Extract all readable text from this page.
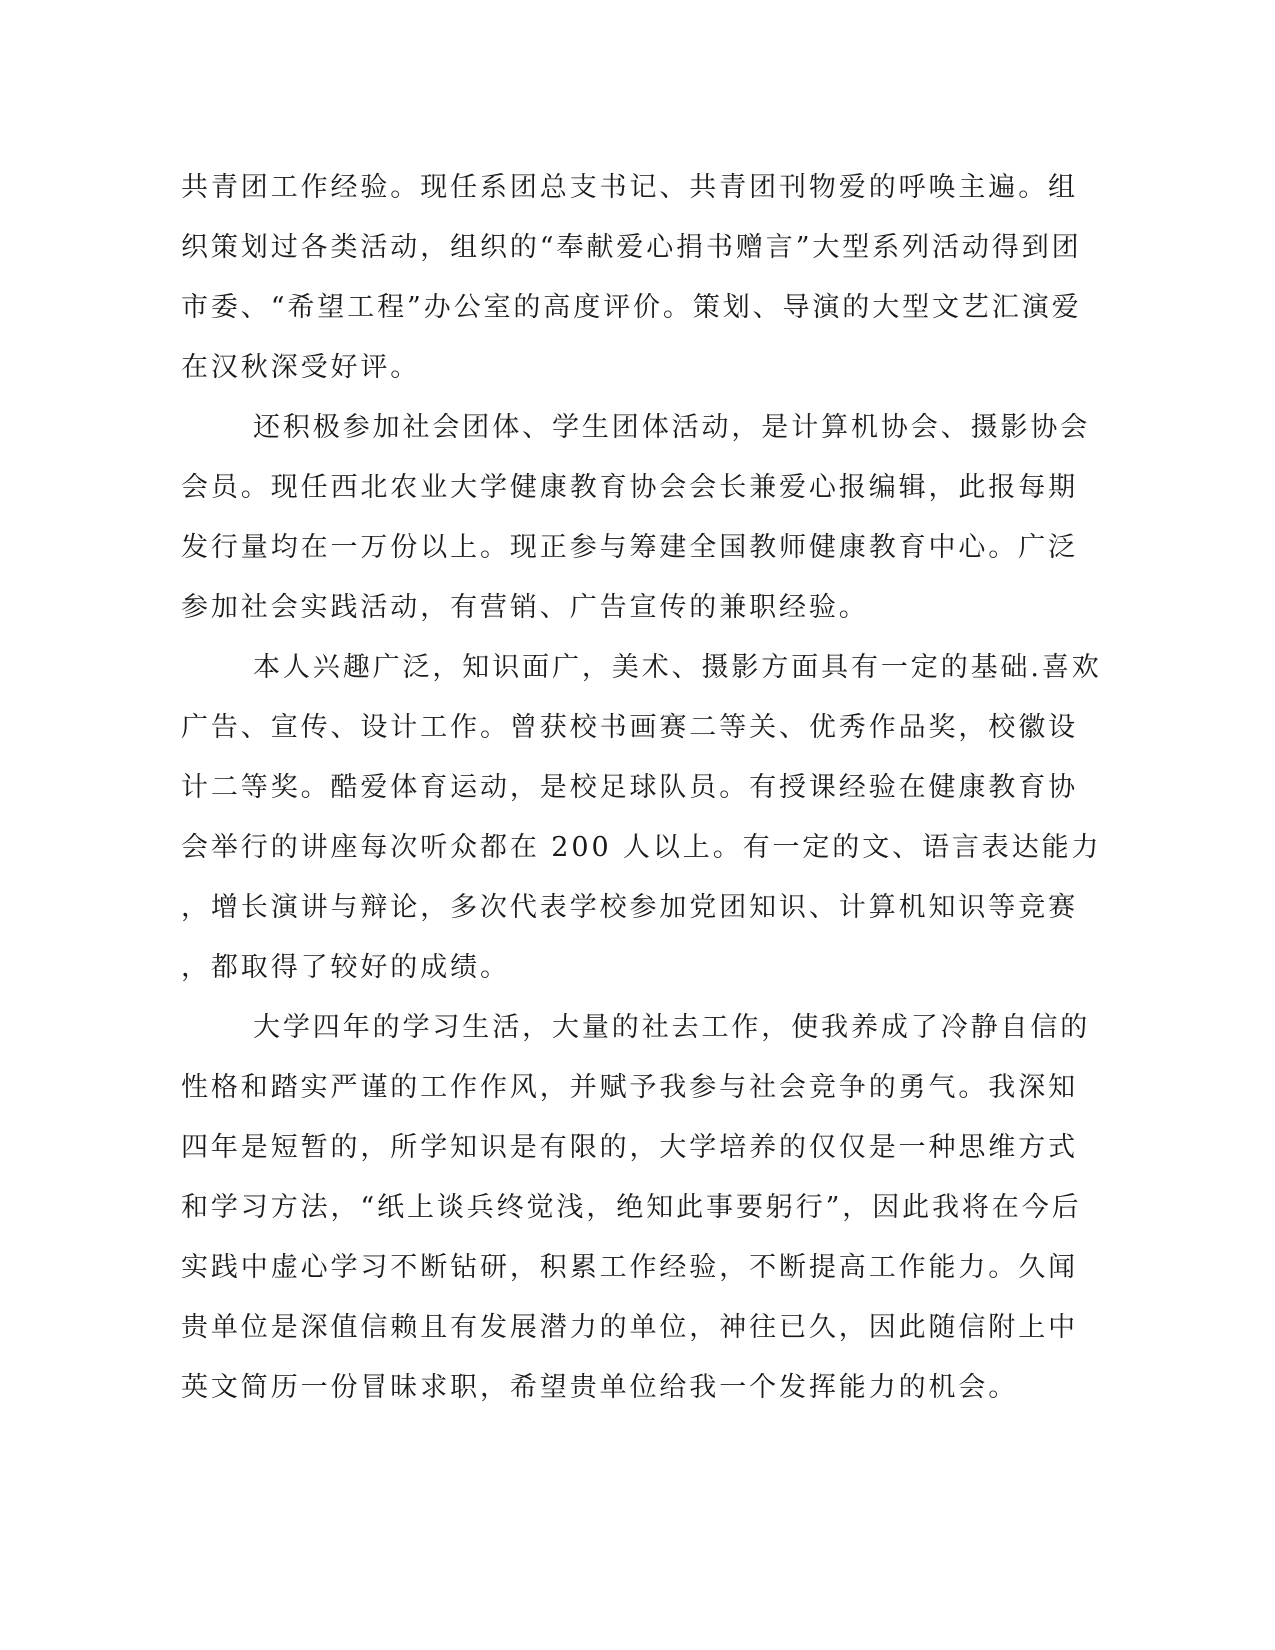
共青团工作经验。现任系团总支书记、共青团刊物爱的呼唤主遍。组
织策划过各类活动，组织的“奉献爱心捐书赠言”大型系列活动得到团
市委、“希望工程”办公室的高度评价。策划、导演的大型文艺汇演爱
在汉秋深受好评。
还积极参加社会团体、学生团体活动，是计算机协会、摄影协会
会员。现任西北农业大学健康教育协会会长兼爱心报编辑，此报每期
发行量均在一万份以上。现正参与筹建全国教师健康教育中心。广泛
参加社会实践活动，有营销、广告宣传的兼职经验。
本人兴趣广泛，知识面广，美术、摄影方面具有一定的基础.喜欢
广告、宣传、设计工作。曾获校书画赛二等关、优秀作品奖，校徽设
计二等奖。酷爱体育运动，是校足球队员。有授课经验在健康教育协
会举行的讲座每次听众都在 200 人以上。有一定的文、语言表达能力
，增长演讲与辩论，多次代表学校参加党团知识、计算机知识等竞赛
，都取得了较好的成绩。
大学四年的学习生活，大量的社去工作，使我养成了冷静自信的
性格和踏实严谨的工作作风，并赋予我参与社会竞争的勇气。我深知
四年是短暂的，所学知识是有限的，大学培养的仅仅是一种思维方式
和学习方法，“纸上谈兵终觉浅，绝知此事要躬行”，因此我将在今后
实践中虚心学习不断钻研，积累工作经验，不断提高工作能力。久闻
贵单位是深值信赖且有发展潜力的单位，神往已久，因此随信附上中
英文简历一份冒昧求职，希望贵单位给我一个发挥能力的机会。
